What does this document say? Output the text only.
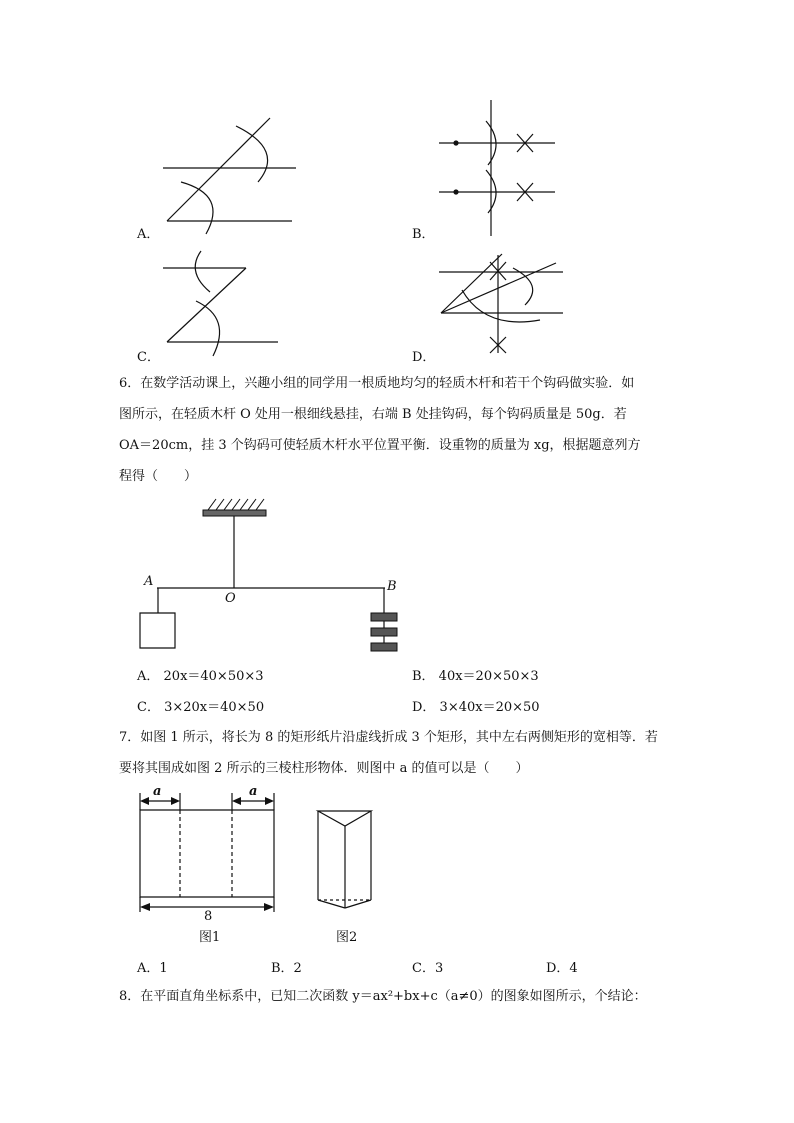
A．	B．
C．	D．
6．在数学活动课上，兴趣小组的同学用一根质地均匀的轻质木杆和若干个钩码做实验．如
图所示，在轻质木杆 O 处用一根细线悬挂，右端 B 处挂钩码，每个钩码质量是 50g．若
OA＝20cm，挂 3 个钩码可使轻质木杆水平位置平衡．设重物的质量为 xg，根据题意列方
程得（　　）
A
O
B
A． 20x＝40×50×3	B． 40x＝20×50×3
C． 3×20x＝40×50	D． 3×40x＝20×50
7．如图 1 所示，将长为 8 的矩形纸片沿虚线折成 3 个矩形，其中左右两侧矩形的宽相等．若
要将其围成如图 2 所示的三棱柱形物体．则图中 a 的值可以是（　　）
a	a
8
图1	图2
A．1	B．2	C．3	D．4
8．在平面直角坐标系中，已知二次函数 y＝ax²+bx+c（a≠0）的图象如图所示，个结论：
